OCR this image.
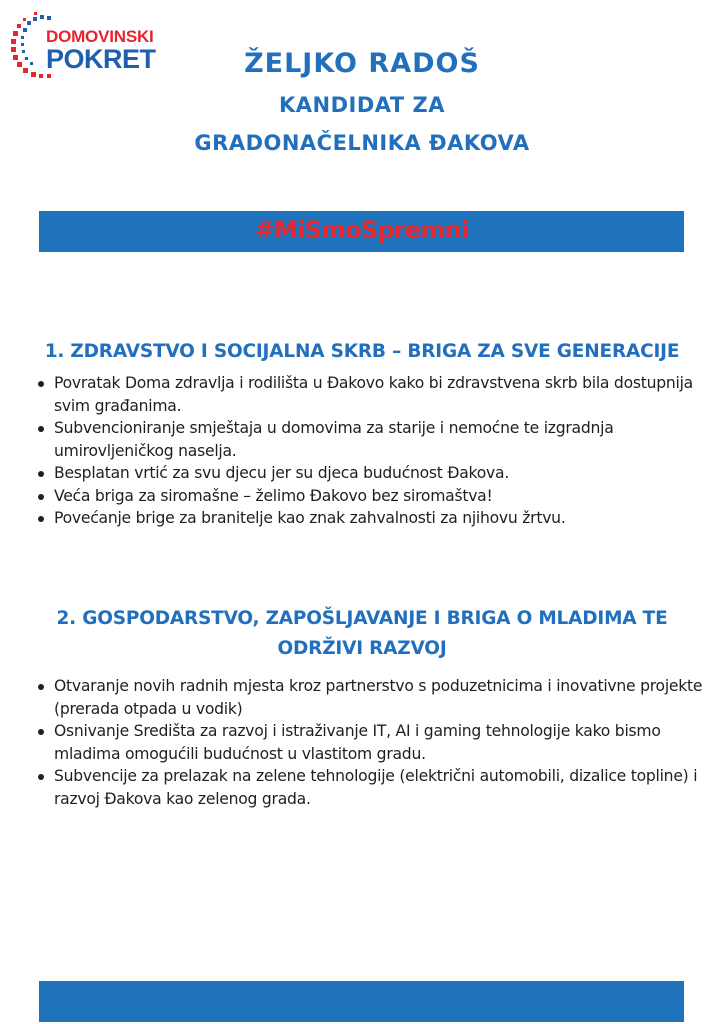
DOMOVINSKI
POKRET	ŽELJKO RADOŠ
KANDIDAT ZA
GRADONAČELNIKA ĐAKOVA
#MiSmoSpremni
1. ZDRAVSTVO I SOCIJALNA SKRB – BRIGA ZA SVE GENERACIJE
Povratak Doma zdravlja i rodilišta u Đakovo kako bi zdravstvena skrb bila dostupnija svim građanima.
Subvencioniranje smještaja u domovima za starije i nemoćne te izgradnja umirovljeničkog naselja.
Besplatan vrtić za svu djecu jer su djeca budućnost Đakova.
Veća briga za siromašne – želimo Đakovo bez siromaštva!
Povećanje brige za branitelje kao znak zahvalnosti za njihovu žrtvu.
2. GOSPODARSTVO, ZAPOŠLJAVANJE I BRIGA O MLADIMA TE ODRŽIVI RAZVOJ
Otvaranje novih radnih mjesta kroz partnerstvo s poduzetnicima i inovativne projekte (prerada otpada u vodik)
Osnivanje Središta za razvoj i istraživanje IT, AI i gaming tehnologije kako bismo mladima omogućili budućnost u vlastitom gradu.
Subvencije za prelazak na zelene tehnologije (električni automobili, dizalice topline) i razvoj Đakova kao zelenog grada.
